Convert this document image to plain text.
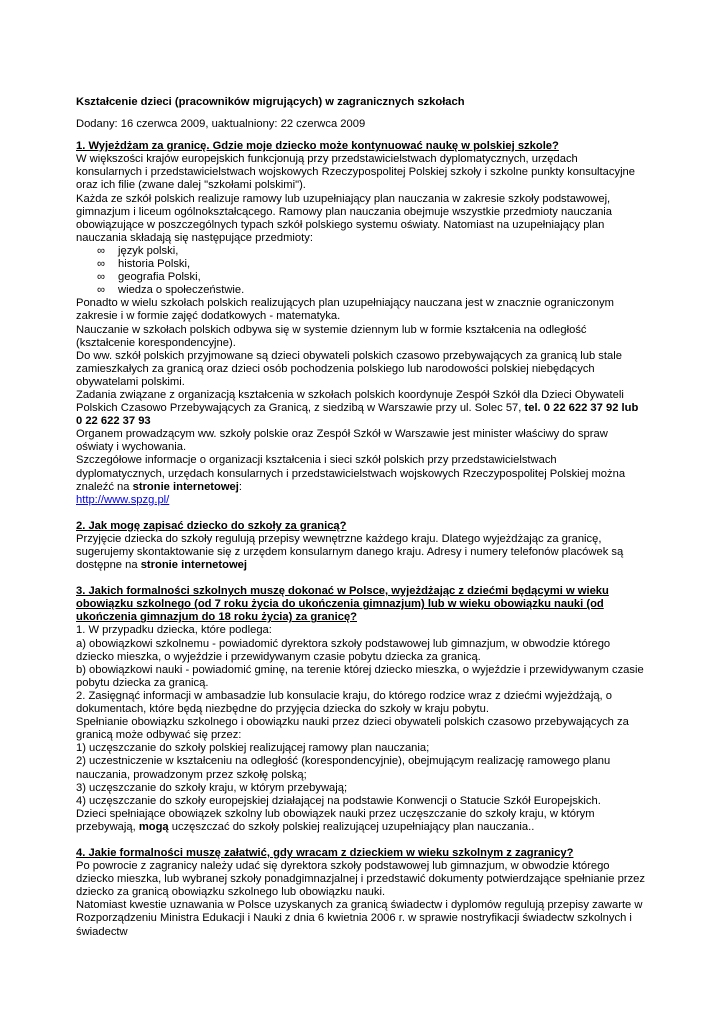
Kształcenie dzieci (pracowników migrujących) w zagranicznych szkołach

Dodany: 16 czerwca 2009, uaktualniony: 22 czerwca 2009

1. Wyjeżdżam za granicę. Gdzie moje dziecko może kontynuować naukę w polskiej szkole?

W większości krajów europejskich funkcjonują przy przedstawicielstwach dyplomatycznych, urzędach konsularnych i przedstawicielstwach wojskowych Rzeczypospolitej Polskiej szkoły i szkolne punkty konsultacyjne oraz ich filie (zwane dalej "szkołami polskimi").

Każda ze szkół polskich realizuje ramowy lub uzupełniający plan nauczania w zakresie szkoły podstawowej, gimnazjum i liceum ogólnokształcącego. Ramowy plan nauczania obejmuje wszystkie przedmioty nauczania obowiązujące w poszczególnych typach szkół polskiego systemu oświaty. Natomiast na uzupełniający plan nauczania składają się następujące przedmioty:

∞	język polski,
∞	historia Polski,
∞	geografia Polski,
∞	wiedza o społeczeństwie.

Ponadto w wielu szkołach polskich realizujących plan uzupełniający nauczana jest w znacznie ograniczonym zakresie i w formie zajęć dodatkowych - matematyka.

Nauczanie w szkołach polskich odbywa się w systemie dziennym lub w formie kształcenia na odległość (kształcenie korespondencyjne).

Do ww. szkół polskich przyjmowane są dzieci obywateli polskich czasowo przebywających za granicą lub stale zamieszkałych za granicą oraz dzieci osób pochodzenia polskiego lub narodowości polskiej niebędących obywatelami polskimi.

Zadania związane z organizacją kształcenia w szkołach polskich koordynuje Zespół Szkół dla Dzieci Obywateli Polskich Czasowo Przebywających za Granicą, z siedzibą w Warszawie przy ul. Solec 57, tel. 0 22 622 37 92 lub 0 22 622 37 93

Organem prowadzącym ww. szkoły polskie oraz Zespół Szkół w Warszawie jest minister właściwy do spraw oświaty i wychowania.

Szczegółowe informacje o organizacji kształcenia i sieci szkół polskich przy przedstawicielstwach dyplomatycznych, urzędach konsularnych i przedstawicielstwach wojskowych Rzeczypospolitej Polskiej można znaleźć na stronie internetowej:

http://www.spzg.pl/

2. Jak mogę zapisać dziecko do szkoły za granicą?

Przyjęcie dziecka do szkoły regulują przepisy wewnętrzne każdego kraju. Dlatego wyjeżdżając za granicę, sugerujemy skontaktowanie się z urzędem konsularnym danego kraju. Adresy i numery telefonów placówek są dostępne na stronie internetowej

3. Jakich formalności szkolnych muszę dokonać w Polsce, wyjeżdżając z dziećmi będącymi w wieku obowiązku szkolnego (od 7 roku życia do ukończenia gimnazjum) lub w wieku obowiązku nauki (od ukończenia gimnazjum do 18 roku życia) za granicę?

1. W przypadku dziecka, które podlega:

a) obowiązkowi szkolnemu - powiadomić dyrektora szkoły podstawowej lub gimnazjum, w obwodzie którego dziecko mieszka, o wyjeździe i przewidywanym czasie pobytu dziecka za granicą.

b) obowiązkowi nauki - powiadomić gminę, na terenie której dziecko mieszka, o wyjeździe i przewidywanym czasie pobytu dziecka za granicą.

2. Zasięgnąć informacji w ambasadzie lub konsulacie kraju, do którego rodzice wraz z dziećmi wyjeżdżają, o dokumentach, które będą niezbędne do przyjęcia dziecka do szkoły w kraju pobytu.

Spełnianie obowiązku szkolnego i obowiązku nauki przez dzieci obywateli polskich czasowo przebywających za granicą może odbywać się przez:

1) uczęszczanie do szkoły polskiej realizującej ramowy plan nauczania;

2) uczestniczenie w kształceniu na odległość (korespondencyjnie), obejmującym realizację ramowego planu nauczania, prowadzonym przez szkołę polską;

3) uczęszczanie do szkoły kraju, w którym przebywają;

4) uczęszczanie do szkoły europejskiej działającej na podstawie Konwencji o Statucie Szkół Europejskich.

Dzieci spełniające obowiązek szkolny lub obowiązek nauki przez uczęszczanie do szkoły kraju, w którym przebywają, mogą uczęszczać do szkoły polskiej realizującej uzupełniający plan nauczania..

4. Jakie formalności muszę załatwić, gdy wracam z dzieckiem w wieku szkolnym z zagranicy?

Po powrocie z zagranicy należy udać się dyrektora szkoły podstawowej lub gimnazjum, w obwodzie którego dziecko mieszka, lub wybranej szkoły ponadgimnazjalnej i przedstawić dokumenty potwierdzające spełnianie przez dziecko za granicą obowiązku szkolnego lub obowiązku nauki.

Natomiast kwestie uznawania w Polsce uzyskanych za granicą świadectw i dyplomów regulują przepisy zawarte w Rozporządzeniu Ministra Edukacji i Nauki z dnia 6 kwietnia 2006 r. w sprawie nostryfikacji świadectw szkolnych i świadectw
